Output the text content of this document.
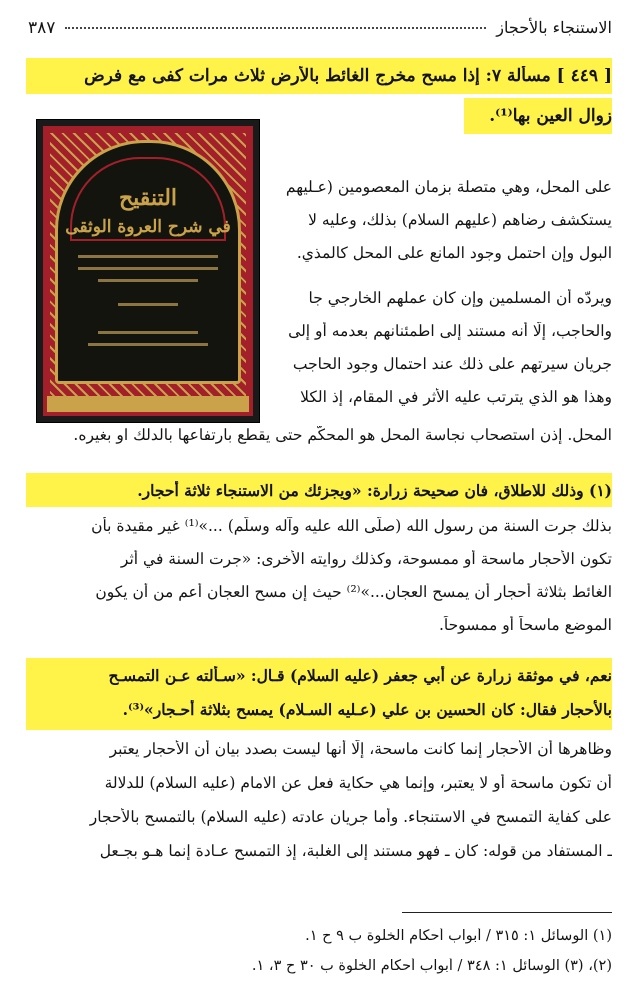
الاستنجاء بالأحجاز
٣٨٧
[ ٤٤٩ ] مسألة ٧: إذا مسح مخرج الغائط بالأرض ثلاث مرات كفى مع فرض
زوال العين بها⁽¹⁾.
على المحل، وهي متصلة بزمان المعصومين (عـليهم
يستكشف رضاهم (عليهم السلام) بذلك، وعليه لا
البول وإن احتمل وجود المانع على المحل كالمذي.
ويردّه أن المسلمين وإن كان عملهم الخارجي جا
والحاجب، إلّا أنه مستند إلى اطمئنانهم بعدمه أو إلى
جريان سيرتهم على ذلك عند احتمال وجود الحاجب
وهذا هو الذي يترتب عليه الأثر في المقام، إذ الكلا
المحل. إذن استصحاب نجاسة المحل هو المحكّم حتى يقطع بارتفاعها بالدلك او بغيره.
التنقيح
في شرح العروة الوثقى
(١) وذلك للاطلاق، فان صحيحة زرارة: «ويجزئك من الاستنجاء ثلاثة أحجار.
بذلك جرت السنة من رسول الله (صلّى الله عليه وآله وسلّم) ...»⁽¹⁾ غير مقيدة بأن
تكون الأحجار ماسحة أو ممسوحة، وكذلك روايته الأُخرى: «جرت السنة في أثر
الغائط بثلاثة أحجار أن يمسح العجان...»⁽²⁾ حيث إن مسح العجان أعم من أن يكون
الموضع ماسحاً أو ممسوحاً.
نعم، في موثقة زرارة عن أبي جعفر (عليه السلام) قـال: «سـألته عـن التمسـح
بالأحجار فقال: كان الحسين بن علي (عـليه السـلام) يمسح بثلاثة أحـجار»⁽³⁾.
وظاهرها أن الأحجار إنما كانت ماسحة، إلّا أنها ليست بصدد بيان أن الأحجار يعتبر
أن تكون ماسحة أو لا يعتبر، وإنما هي حكاية فعل عن الامام (عليه السلام) للدلالة
على كفاية التمسح في الاستنجاء. وأما جريان عادته (عليه السلام) بالتمسح بالأحجار
ـ المستفاد من قوله: كان ـ فهو مستند إلى الغلبة، إذ التمسح عـادة إنما هـو بجـعل
(١) الوسائل ١: ٣١٥ / أبواب أحكام الخلوة ب ٩ ح ١.
(٢)، (٣) الوسائل ١: ٣٤٨ / أبواب أحكام الخلوة ب ٣٠ ح ٣، ١.
